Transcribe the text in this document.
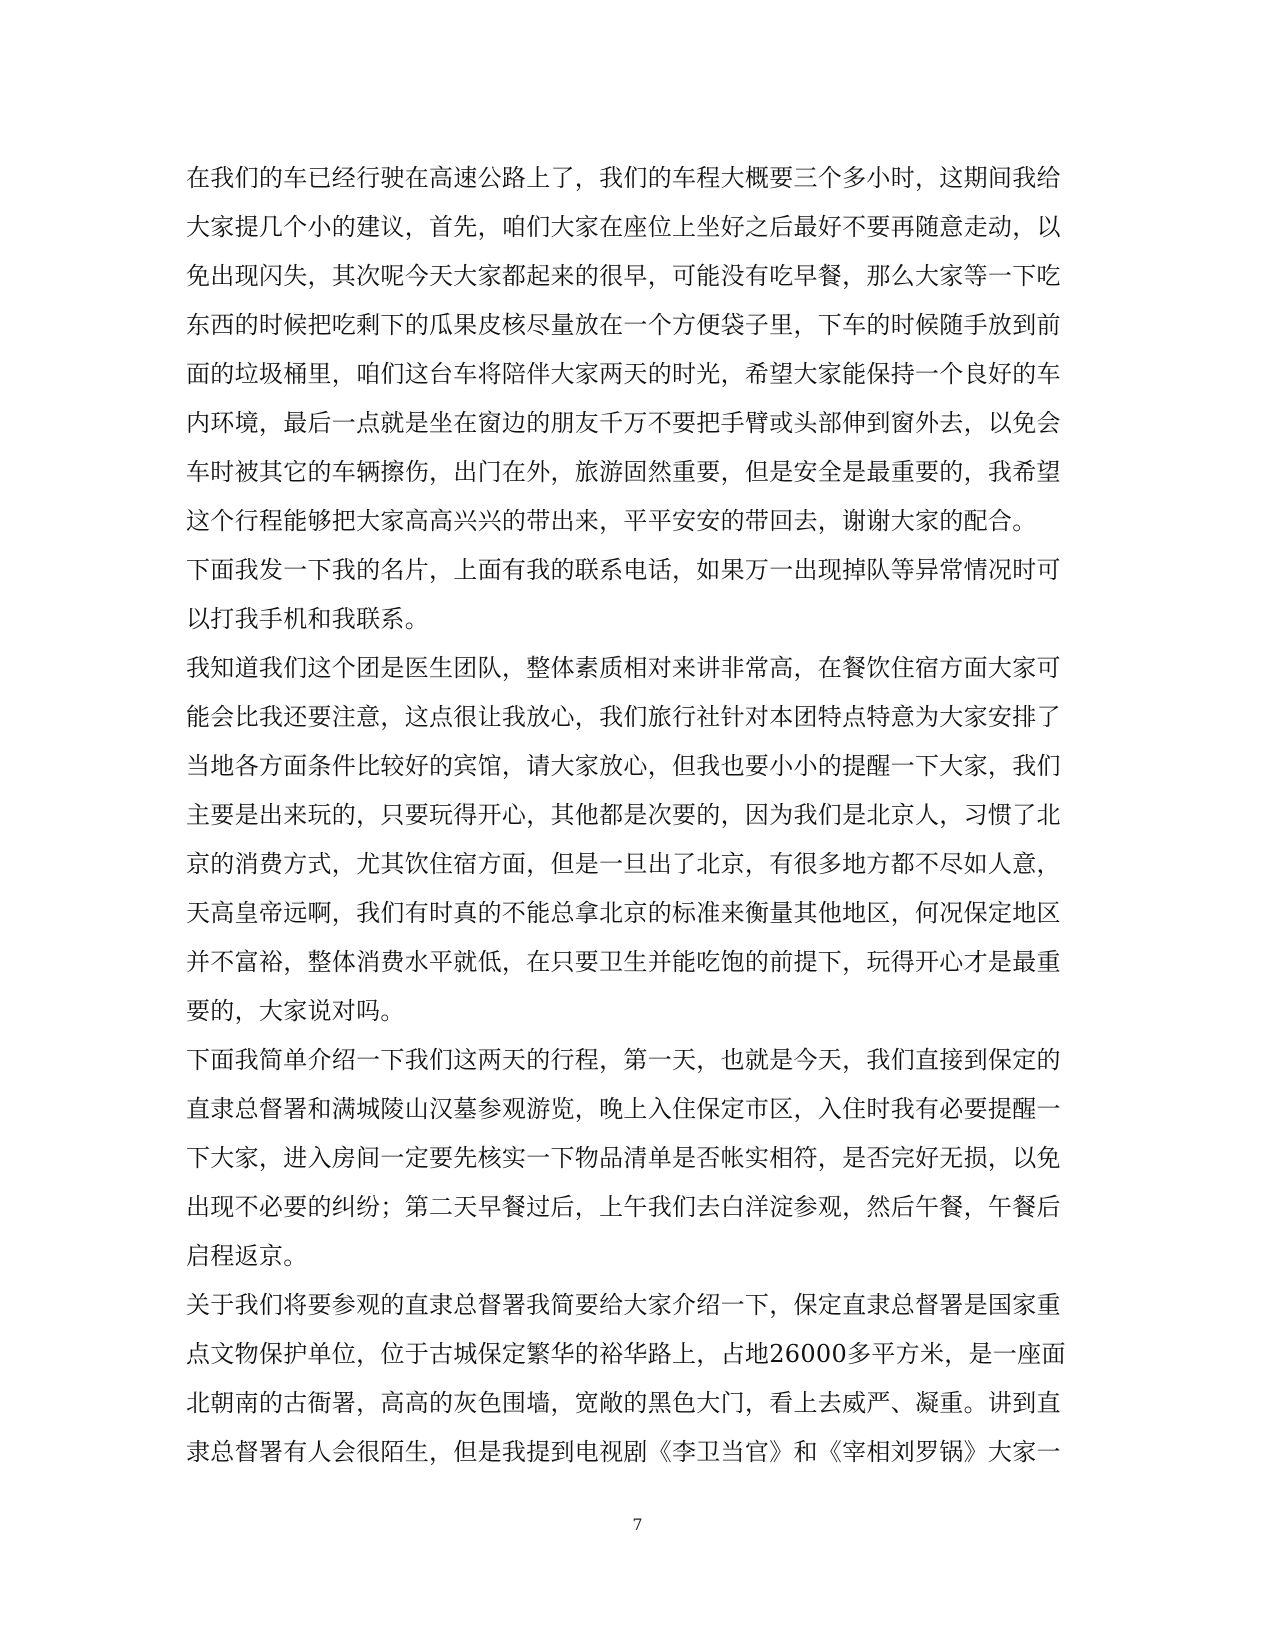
在我们的车已经行驶在高速公路上了，我们的车程大概要三个多小时，这期间我给
大家提几个小的建议，首先，咱们大家在座位上坐好之后最好不要再随意走动，以
免出现闪失，其次呢今天大家都起来的很早，可能没有吃早餐，那么大家等一下吃
东西的时候把吃剩下的瓜果皮核尽量放在一个方便袋子里，下车的时候随手放到前
面的垃圾桶里，咱们这台车将陪伴大家两天的时光，希望大家能保持一个良好的车
内环境，最后一点就是坐在窗边的朋友千万不要把手臂或头部伸到窗外去，以免会
车时被其它的车辆擦伤，出门在外，旅游固然重要，但是安全是最重要的，我希望
这个行程能够把大家高高兴兴的带出来，平平安安的带回去，谢谢大家的配合。
下面我发一下我的名片，上面有我的联系电话，如果万一出现掉队等异常情况时可
以打我手机和我联系。
我知道我们这个团是医生团队，整体素质相对来讲非常高，在餐饮住宿方面大家可
能会比我还要注意，这点很让我放心，我们旅行社针对本团特点特意为大家安排了
当地各方面条件比较好的宾馆，请大家放心，但我也要小小的提醒一下大家，我们
主要是出来玩的，只要玩得开心，其他都是次要的，因为我们是北京人，习惯了北
京的消费方式，尤其饮住宿方面，但是一旦出了北京，有很多地方都不尽如人意，
天高皇帝远啊，我们有时真的不能总拿北京的标准来衡量其他地区，何况保定地区
并不富裕，整体消费水平就低，在只要卫生并能吃饱的前提下，玩得开心才是最重
要的，大家说对吗。
下面我简单介绍一下我们这两天的行程，第一天，也就是今天，我们直接到保定的
直隶总督署和满城陵山汉墓参观游览，晚上入住保定市区，入住时我有必要提醒一
下大家，进入房间一定要先核实一下物品清单是否帐实相符，是否完好无损，以免
出现不必要的纠纷；第二天早餐过后，上午我们去白洋淀参观，然后午餐，午餐后
启程返京。
关于我们将要参观的直隶总督署我简要给大家介绍一下，保定直隶总督署是国家重
点文物保护单位，位于古城保定繁华的裕华路上，占地26000多平方米，是一座面
北朝南的古衙署，高高的灰色围墙，宽敞的黑色大门，看上去威严、凝重。讲到直
隶总督署有人会很陌生，但是我提到电视剧《李卫当官》和《宰相刘罗锅》大家一
7
